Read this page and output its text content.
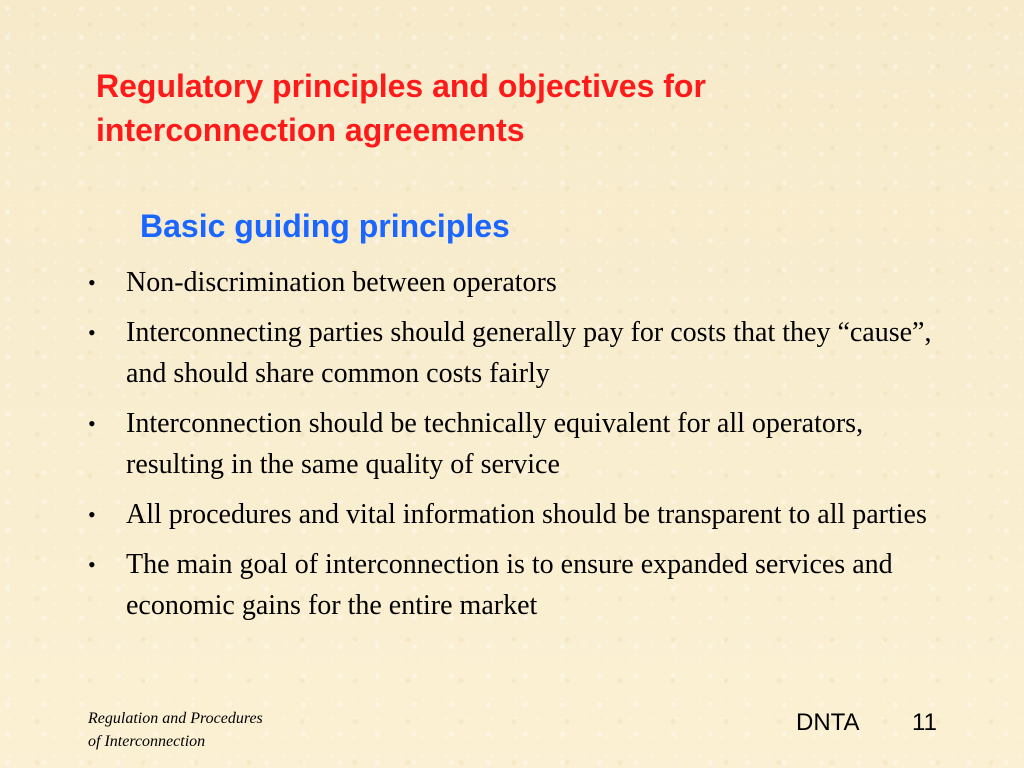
Regulatory principles and objectives for interconnection agreements
Basic guiding principles
•	Non-discrimination between operators
•	Interconnecting parties should generally pay for costs that they “cause”, and should share common costs fairly
•	Interconnection should be technically equivalent for all operators, resulting in the same quality of service
•	All procedures and vital information should be transparent to all parties
•	The main goal of interconnection is to ensure expanded services and economic gains for the entire market
Regulation and Procedures
of Interconnection
DNTA 11
